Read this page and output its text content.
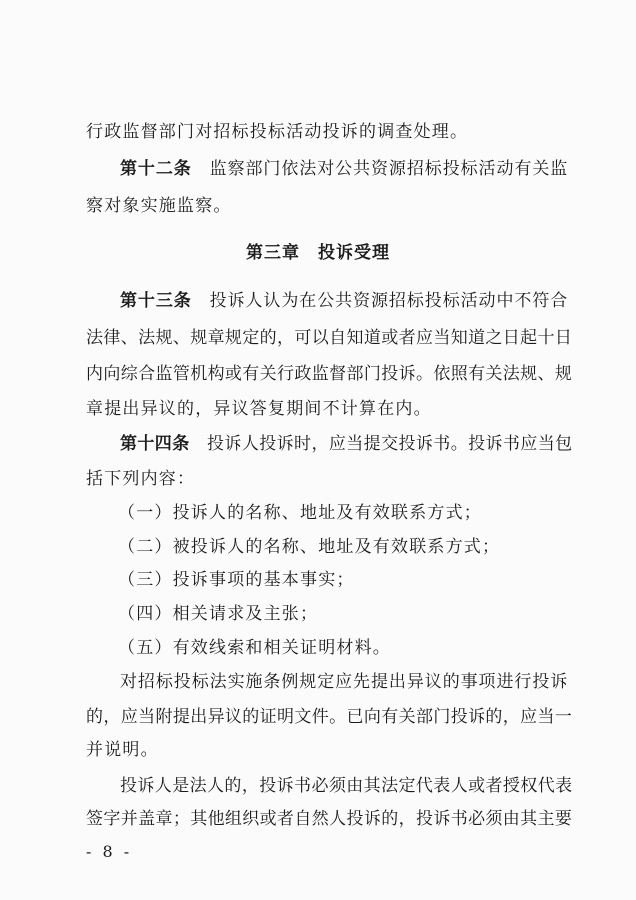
行政监督部门对招标投标活动投诉的调查处理。
第十二条　监察部门依法对公共资源招标投标活动有关监
察对象实施监察。
第三章　投诉受理
第十三条　投诉人认为在公共资源招标投标活动中不符合
法律、法规、规章规定的，可以自知道或者应当知道之日起十日
内向综合监管机构或有关行政监督部门投诉。依照有关法规、规
章提出异议的，异议答复期间不计算在内。
第十四条　投诉人投诉时，应当提交投诉书。投诉书应当包
括下列内容：
（一）投诉人的名称、地址及有效联系方式；
（二）被投诉人的名称、地址及有效联系方式；
（三）投诉事项的基本事实；
（四）相关请求及主张；
（五）有效线索和相关证明材料。
对招标投标法实施条例规定应先提出异议的事项进行投诉
的，应当附提出异议的证明文件。已向有关部门投诉的，应当一
并说明。
投诉人是法人的，投诉书必须由其法定代表人或者授权代表
签字并盖章；其他组织或者自然人投诉的，投诉书必须由其主要
- 8 -
